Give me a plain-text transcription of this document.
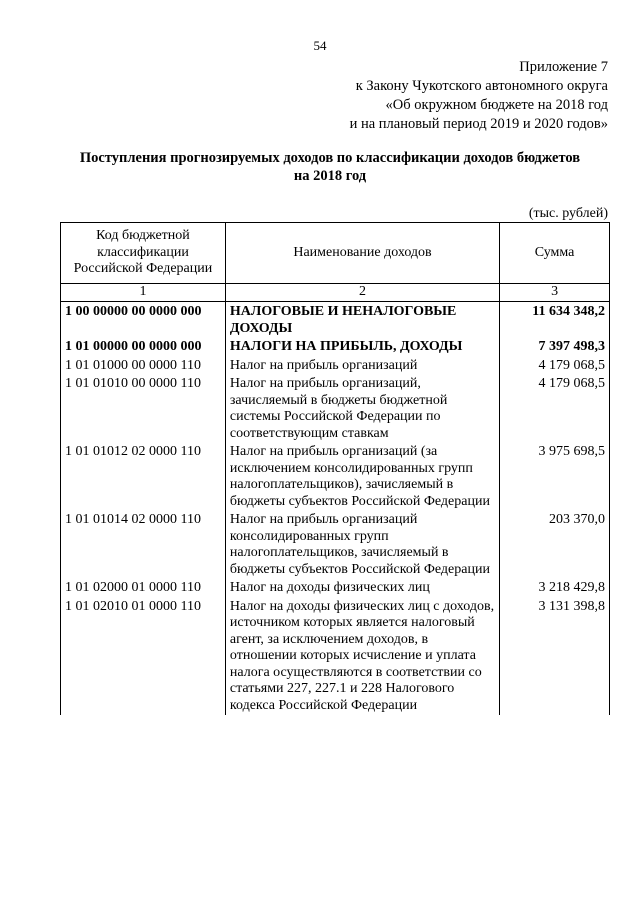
54
Приложение 7
к Закону Чукотского автономного округа
«Об окружном бюджете на 2018 год
и на плановый период 2019 и 2020 годов»
Поступления прогнозируемых доходов по классификации доходов бюджетов
на 2018 год
(тыс. рублей)
Код бюджетной классификации Российской Федерации	Наименование доходов	Сумма
1	2	3
1 00 00000 00 0000 000	НАЛОГОВЫЕ И НЕНАЛОГОВЫЕ ДОХОДЫ	11 634 348,2
1 01 00000 00 0000 000	НАЛОГИ НА ПРИБЫЛЬ, ДОХОДЫ	7 397 498,3
1 01 01000 00 0000 110	Налог на прибыль организаций	4 179 068,5
1 01 01010 00 0000 110	Налог на прибыль организаций, зачисляемый в бюджеты бюджетной системы Российской Федерации по соответствующим ставкам	4 179 068,5
1 01 01012 02 0000 110	Налог на прибыль организаций (за исключением консолидированных групп налогоплательщиков), зачисляемый в бюджеты субъектов Российской Федерации	3 975 698,5
1 01 01014 02 0000 110	Налог на прибыль организаций консолидированных групп налогоплательщиков, зачисляемый в бюджеты субъектов Российской Федерации	203 370,0
1 01 02000 01 0000 110	Налог на доходы физических лиц	3 218 429,8
1 01 02010 01 0000 110	Налог на доходы физических лиц с доходов, источником которых является налоговый агент, за исключением доходов, в отношении которых исчисление и уплата налога осуществляются в соответствии со статьями 227, 227.1 и 228 Налогового кодекса Российской Федерации	3 131 398,8
